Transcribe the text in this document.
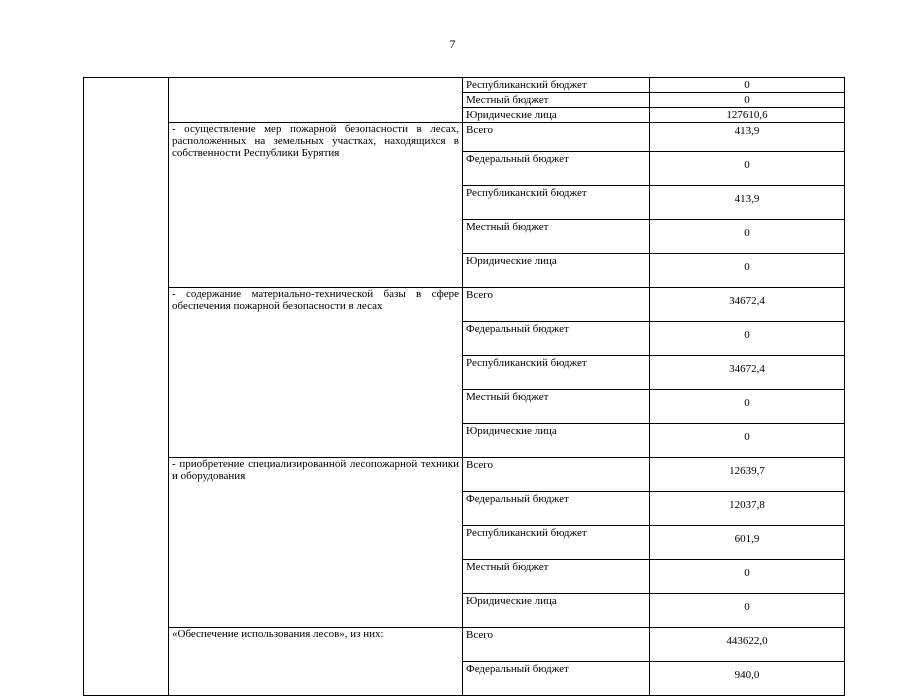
7
		Республиканский бюджет	0
		Местный бюджет	0
		Юридические лица	127610,6
	- осуществление мер пожарной безопасности в лесах, расположенных на земельных участках, находящихся в собственности Республики Бурятия	Всего	413,9
		Федеральный бюджет	0
		Республиканский бюджет	413,9
		Местный бюджет	0
		Юридические лица	0
	- содержание материально-технической базы в сфере обеспечения пожарной безопасности в лесах	Всего	34672,4
		Федеральный бюджет	0
		Республиканский бюджет	34672,4
		Местный бюджет	0
		Юридические лица	0
	- приобретение специализированной лесопожарной техники и оборудования	Всего	12639,7
		Федеральный бюджет	12037,8
		Республиканский бюджет	601,9
		Местный бюджет	0
		Юридические лица	0
	«Обеспечение использования лесов», из них:	Всего	443622,0
		Федеральный бюджет	940,0
